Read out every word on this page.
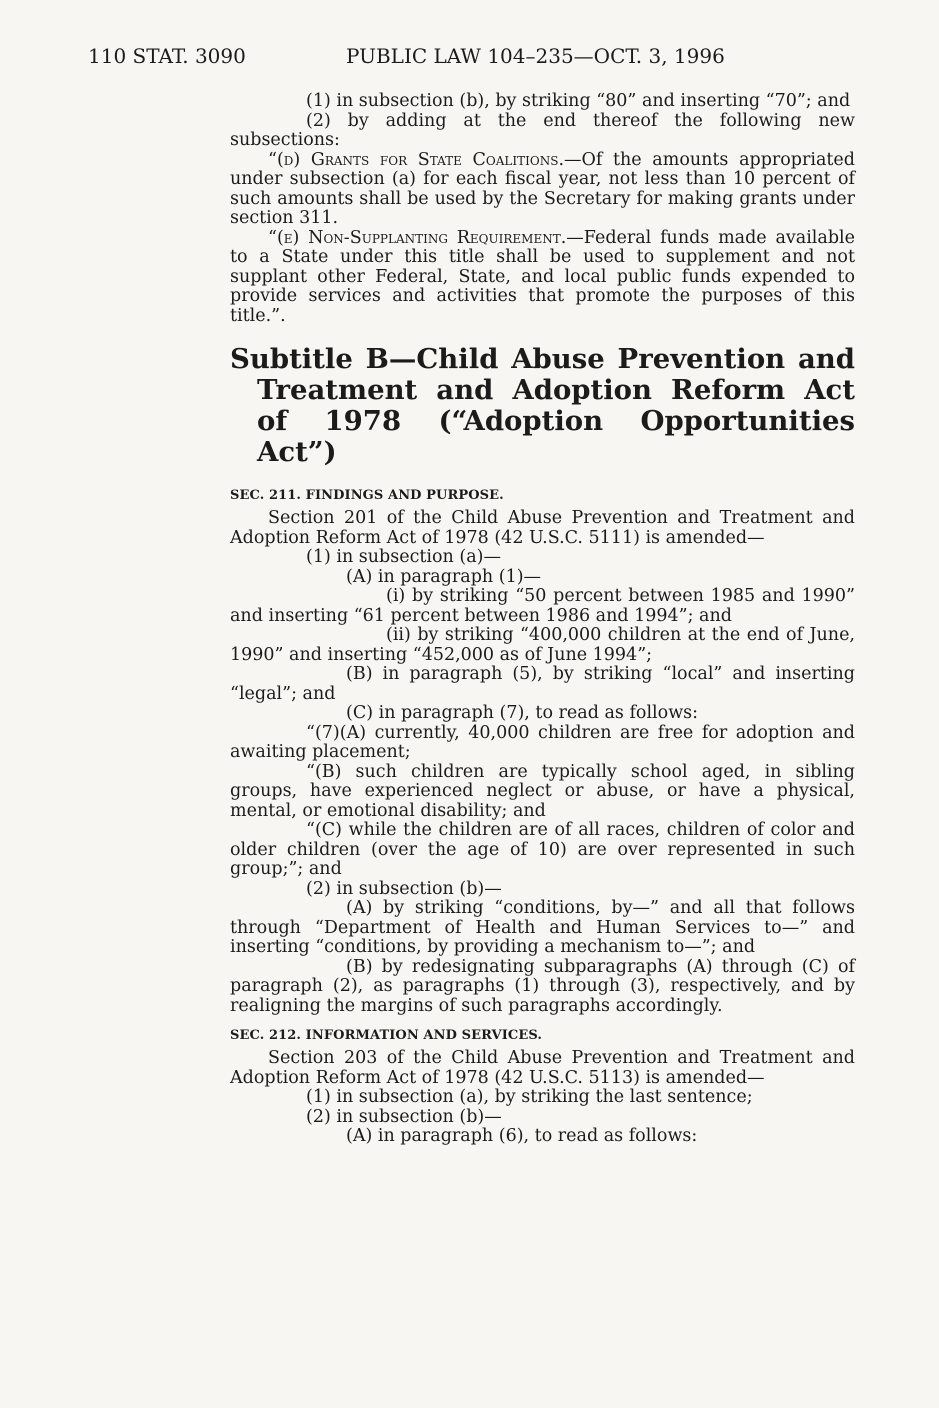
110 STAT. 3090	PUBLIC LAW 104–235—OCT. 3, 1996

(1) in subsection (b), by striking “80” and inserting “70”; and

(2) by adding at the end thereof the following new subsections:

“(d) Grants for State Coalitions.—Of the amounts appropriated under subsection (a) for each fiscal year, not less than 10 percent of such amounts shall be used by the Secretary for making grants under section 311.

“(e) Non-Supplanting Requirement.—Federal funds made available to a State under this title shall be used to supplement and not supplant other Federal, State, and local public funds expended to provide services and activities that promote the purposes of this title.”.

Subtitle B—Child Abuse Prevention and Treatment and Adoption Reform Act of 1978 (“Adoption Opportunities Act”)
SEC. 211. FINDINGS AND PURPOSE.

Section 201 of the Child Abuse Prevention and Treatment and Adoption Reform Act of 1978 (42 U.S.C. 5111) is amended—

(1) in subsection (a)—

(A) in paragraph (1)—

(i) by striking “50 percent between 1985 and 1990” and inserting “61 percent between 1986 and 1994”; and

(ii) by striking “400,000 children at the end of June, 1990” and inserting “452,000 as of June 1994”;

(B) in paragraph (5), by striking “local” and inserting “legal”; and

(C) in paragraph (7), to read as follows:

“(7)(A) currently, 40,000 children are free for adoption and awaiting placement;

“(B) such children are typically school aged, in sibling groups, have experienced neglect or abuse, or have a physical, mental, or emotional disability; and

“(C) while the children are of all races, children of color and older children (over the age of 10) are over represented in such group;”; and

(2) in subsection (b)—

(A) by striking “conditions, by—” and all that follows through “Department of Health and Human Services to—” and inserting “conditions, by providing a mechanism to—”; and

(B) by redesignating subparagraphs (A) through (C) of paragraph (2), as paragraphs (1) through (3), respectively, and by realigning the margins of such paragraphs accordingly.

SEC. 212. INFORMATION AND SERVICES.

Section 203 of the Child Abuse Prevention and Treatment and Adoption Reform Act of 1978 (42 U.S.C. 5113) is amended—

(1) in subsection (a), by striking the last sentence;

(2) in subsection (b)—

(A) in paragraph (6), to read as follows:
